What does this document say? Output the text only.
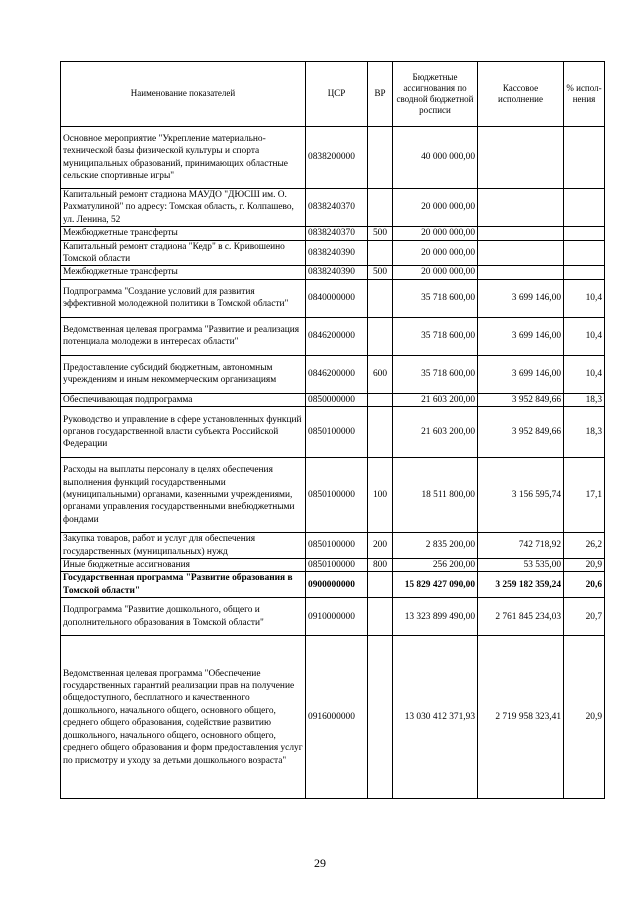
Наименование показателей	ЦСР	ВР	Бюджетные ассигнования по сводной бюджетной росписи	Кассовое исполнение	% испол-нения
Основное мероприятие "Укрепление материально-технической базы физической культуры и спорта муниципальных образований, принимающих областные сельские спортивные игры"	0838200000		40 000 000,00		
Капитальный ремонт стадиона МАУДО "ДЮСШ им. О. Рахматулиной" по адресу: Томская область, г. Колпашево, ул. Ленина, 52	0838240370		20 000 000,00		
Межбюджетные трансферты	0838240370	500	20 000 000,00		
Капитальный ремонт стадиона "Кедр" в с. Кривошеино Томской области	0838240390		20 000 000,00		
Межбюджетные трансферты	0838240390	500	20 000 000,00		
Подпрограмма "Создание условий для развития эффективной молодежной политики в Томской области"	0840000000		35 718 600,00	3 699 146,00	10,4
Ведомственная целевая программа "Развитие и реализация потенциала молодежи в интересах области"	0846200000		35 718 600,00	3 699 146,00	10,4
Предоставление субсидий бюджетным, автономным учреждениям и иным некоммерческим организациям	0846200000	600	35 718 600,00	3 699 146,00	10,4
Обеспечивающая подпрограмма	0850000000		21 603 200,00	3 952 849,66	18,3
Руководство и управление в сфере установленных функций органов государственной власти субъекта Российской Федерации	0850100000		21 603 200,00	3 952 849,66	18,3
Расходы на выплаты персоналу в целях обеспечения выполнения функций государственными (муниципальными) органами, казенными учреждениями, органами управления государственными внебюджетными фондами	0850100000	100	18 511 800,00	3 156 595,74	17,1
Закупка товаров, работ и услуг для обеспечения государственных (муниципальных) нужд	0850100000	200	2 835 200,00	742 718,92	26,2
Иные бюджетные ассигнования	0850100000	800	256 200,00	53 535,00	20,9
Государственная программа "Развитие образования в Томской области"	0900000000		15 829 427 090,00	3 259 182 359,24	20,6
Подпрограмма "Развитие дошкольного, общего и дополнительного образования в Томской области"	0910000000		13 323 899 490,00	2 761 845 234,03	20,7
Ведомственная целевая программа "Обеспечение государственных гарантий реализации прав на получение общедоступного, бесплатного и качественного дошкольного, начального общего, основного общего, среднего общего образования, содействие развитию дошкольного, начального общего, основного общего, среднего общего образования и форм предоставления услуг по присмотру и уходу за детьми дошкольного возраста"	0916000000		13 030 412 371,93	2 719 958 323,41	20,9
29
